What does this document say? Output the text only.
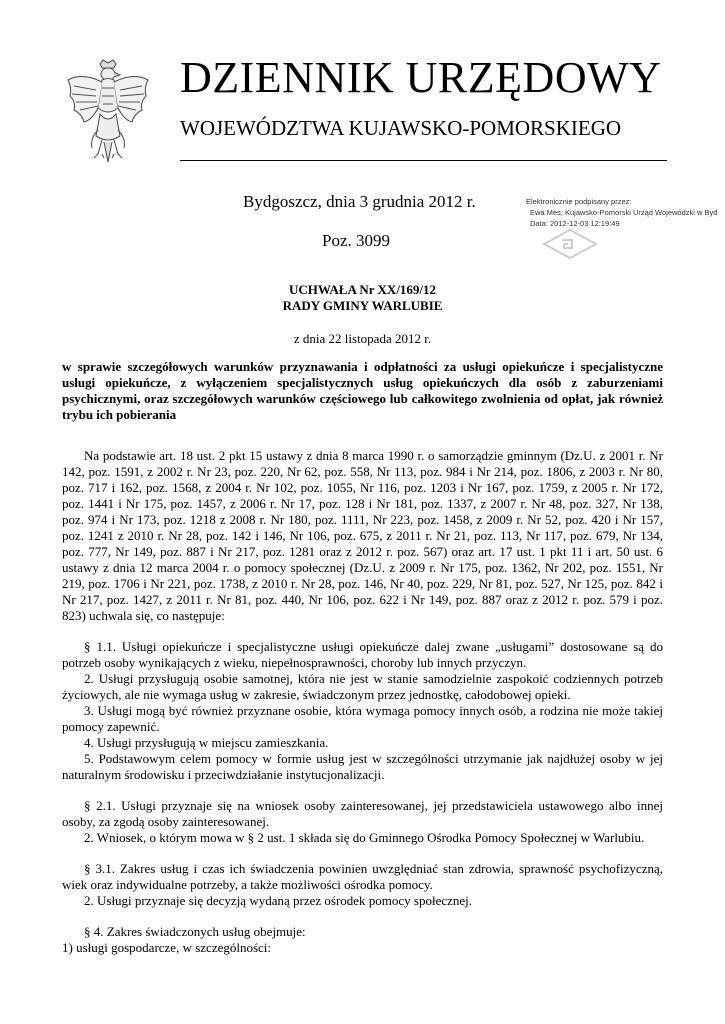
DZIENNIK URZĘDOWY
WOJEWÓDZTWA KUJAWSKO-POMORSKIEGO
Bydgoszcz, dnia 3 grudnia 2012 r.
Poz. 3099
Elektronicznie podpisany przez:
Ewa Mes; Kujawsko-Pomorski Urząd Wojewódzki w Byd
Data: 2012-12-03 12:19:49
UCHWAŁA Nr XX/169/12
RADY GMINY WARLUBIE
z dnia 22 listopada 2012 r.
w sprawie szczegółowych warunków przyznawania i odpłatności za usługi opiekuńcze i specjalistyczne usługi opiekuńcze, z wyłączeniem specjalistycznych usług opiekuńczych dla osób z zaburzeniami psychicznymi, oraz szczegółowych warunków częściowego lub całkowitego zwolnienia od opłat, jak również trybu ich pobierania

Na podstawie art. 18 ust. 2 pkt 15 ustawy z dnia 8 marca 1990 r. o samorządzie gminnym (Dz.U. z 2001 r. Nr 142, poz. 1591, z 2002 r. Nr 23, poz. 220, Nr 62, poz. 558, Nr 113, poz. 984 i Nr 214, poz. 1806, z 2003 r. Nr 80, poz. 717 i 162, poz. 1568, z 2004 r. Nr 102, poz. 1055, Nr 116, poz. 1203 i Nr 167, poz. 1759, z 2005 r. Nr 172, poz. 1441 i Nr 175, poz. 1457, z 2006 r. Nr 17, poz. 128 i Nr 181, poz. 1337, z 2007 r. Nr 48, poz. 327, Nr 138, poz. 974 i Nr 173, poz. 1218 z 2008 r. Nr 180, poz. 1111, Nr 223, poz. 1458, z 2009 r. Nr 52, poz. 420 i Nr 157, poz. 1241 z 2010 r. Nr 28, poz. 142 i 146, Nr 106, poz. 675, z 2011 r. Nr 21, poz. 113, Nr 117, poz. 679, Nr 134, poz. 777, Nr 149, poz. 887 i Nr 217, poz. 1281 oraz z 2012 r. poz. 567) oraz art. 17 ust. 1 pkt 11 i art. 50 ust. 6 ustawy z dnia 12 marca 2004 r. o pomocy społecznej (Dz.U. z 2009 r. Nr 175, poz. 1362, Nr 202, poz. 1551, Nr 219, poz. 1706 i Nr 221, poz. 1738, z 2010 r. Nr 28, poz. 146, Nr 40, poz. 229, Nr 81, poz. 527, Nr 125, poz. 842 i Nr 217, poz. 1427, z 2011 r. Nr 81, poz. 440, Nr 106, poz. 622 i Nr 149, poz. 887 oraz z 2012 r. poz. 579 i poz. 823) uchwala się, co następuje:

§ 1.1. Usługi opiekuńcze i specjalistyczne usługi opiekuńcze dalej zwane „usługami” dostosowane są do potrzeb osoby wynikających z wieku, niepełnosprawności, choroby lub innych przyczyn.

2. Usługi przysługują osobie samotnej, która nie jest w stanie samodzielnie zaspokoić codziennych potrzeb życiowych, ale nie wymaga usług w zakresie, świadczonym przez jednostkę, całodobowej opieki.

3. Usługi mogą być również przyznane osobie, która wymaga pomocy innych osób, a rodzina nie może takiej pomocy zapewnić.

4. Usługi przysługują w miejscu zamieszkania.

5. Podstawowym celem pomocy w formie usług jest w szczególności utrzymanie jak najdłużej osoby w jej naturalnym środowisku i przeciwdziałanie instytucjonalizacji.

§ 2.1. Usługi przyznaje się na wniosek osoby zainteresowanej, jej przedstawiciela ustawowego albo innej osoby, za zgodą osoby zainteresowanej.

2. Wniosek, o którym mowa w § 2 ust. 1 składa się do Gminnego Ośrodka Pomocy Społecznej w Warlubiu.

§ 3.1. Zakres usług i czas ich świadczenia powinien uwzględniać stan zdrowia, sprawność psychofizyczną, wiek oraz indywidualne potrzeby, a także możliwości ośrodka pomocy.

2. Usługi przyznaje się decyzją wydaną przez ośrodek pomocy społecznej.

§ 4. Zakres świadczonych usług obejmuje:

1) usługi gospodarcze, w szczególności:
